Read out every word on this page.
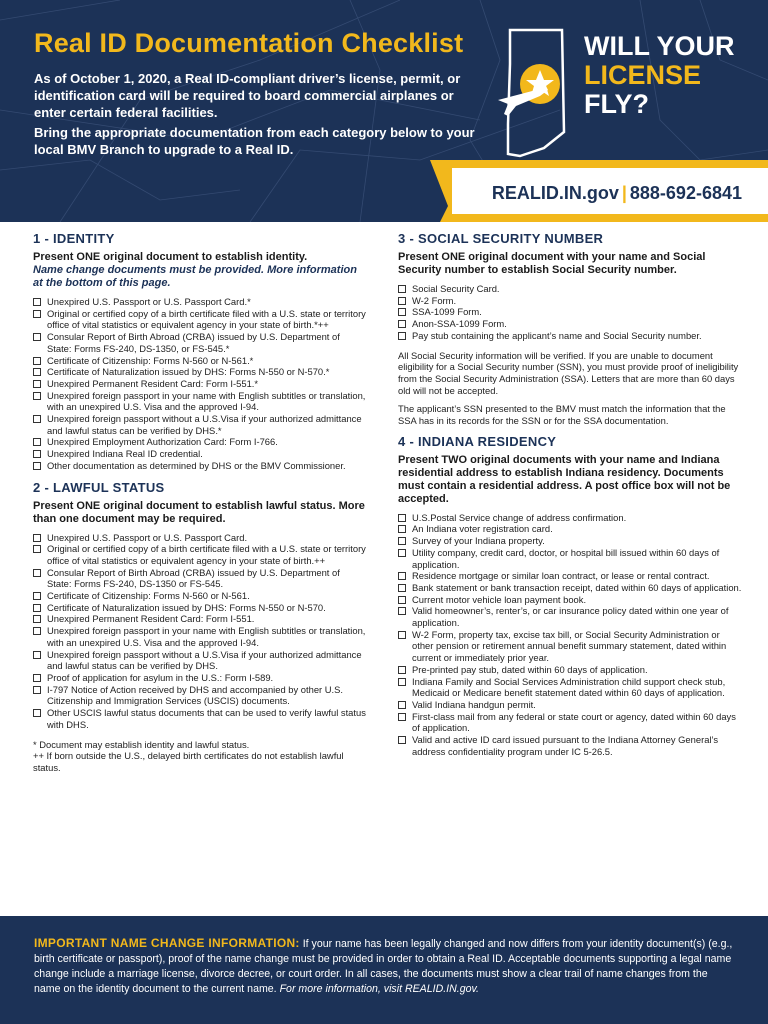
Real ID Documentation Checklist
As of October 1, 2020, a Real ID-compliant driver’s license, permit, or identification card will be required to board commercial airplanes or enter certain federal facilities.
Bring the appropriate documentation from each category below to your local BMV Branch to upgrade to a Real ID.
WILL YOUR
LICENSE
FLY?
REALID.IN.gov | 888-692-6841
1 - IDENTITY
Present ONE original document to establish identity.
Name change documents must be provided. More information at the bottom of this page.
Unexpired U.S. Passport or U.S. Passport Card.*
Original or certified copy of a birth certificate filed with a U.S. state or territory office of vital statistics or equivalent agency in your state of birth.*++
Consular Report of Birth Abroad (CRBA) issued by U.S. Department of State: Forms FS-240, DS-1350, or FS-545.*
Certificate of Citizenship: Forms N-560 or N-561.*
Certificate of Naturalization issued by DHS: Forms N-550 or N-570.*
Unexpired Permanent Resident Card: Form I-551.*
Unexpired foreign passport in your name with English subtitles or translation, with an unexpired U.S. Visa and the approved I-94.
Unexpired foreign passport without a U.S.Visa if your authorized admittance and lawful status can be verified by DHS.*
Unexpired Employment Authorization Card: Form I-766.
Unexpired Indiana Real ID credential.
Other documentation as determined by DHS or the BMV Commissioner.
2 - LAWFUL STATUS
Present ONE original document to establish lawful status. More than one document may be required.
Unexpired U.S. Passport or U.S. Passport Card.
Original or certified copy of a birth certificate filed with a U.S. state or territory office of vital statistics or equivalent agency in your state of birth.++
Consular Report of Birth Abroad (CRBA) issued by U.S. Department of State: Forms FS-240, DS-1350 or FS-545.
Certificate of Citizenship: Forms N-560 or N-561.
Certificate of Naturalization issued by DHS: Forms N-550 or N-570.
Unexpired Permanent Resident Card: Form I-551.
Unexpired foreign passport in your name with English subtitles or translation, with an unexpired U.S. Visa and the approved I-94.
Unexpired foreign passport without a U.S.Visa if your authorized admittance and lawful status can be verified by DHS.
Proof of application for asylum in the U.S.: Form I-589.
I-797 Notice of Action received by DHS and accompanied by other U.S. Citizenship and Immigration Services (USCIS) documents.
Other USCIS lawful status documents that can be used to verify lawful status with DHS.
* Document may establish identity and lawful status.
++ If born outside the U.S., delayed birth certificates do not establish lawful status.
3 - SOCIAL SECURITY NUMBER
Present ONE original document with your name and Social Security number to establish Social Security number.
Social Security Card.
W-2 Form.
SSA-1099 Form.
Anon-SSA-1099 Form.
Pay stub containing the applicant’s name and Social Security number.
All Social Security information will be verified. If you are unable to document eligibility for a Social Security number (SSN), you must provide proof of ineligibility from the Social Security Administration (SSA). Letters that are more than 60 days old will not be accepted.
The applicant’s SSN presented to the BMV must match the information that the SSA has in its records for the SSN or for the SSA documentation.
4 - INDIANA RESIDENCY
Present TWO original documents with your name and Indiana residential address to establish Indiana residency. Documents must contain a residential address. A post office box will not be accepted.
U.S.Postal Service change of address confirmation.
An Indiana voter registration card.
Survey of your Indiana property.
Utility company, credit card, doctor, or hospital bill issued within 60 days of application.
Residence mortgage or similar loan contract, or lease or rental contract.
Bank statement or bank transaction receipt, dated within 60 days of application.
Current motor vehicle loan payment book.
Valid homeowner’s, renter’s, or car insurance policy dated within one year of application.
W-2 Form, property tax, excise tax bill, or Social Security Administration or other pension or retirement annual benefit summary statement, dated within current or immediately prior year.
Pre-printed pay stub, dated within 60 days of application.
Indiana Family and Social Services Administration child support check stub, Medicaid or Medicare benefit statement dated within 60 days of application.
Valid Indiana handgun permit.
First-class mail from any federal or state court or agency, dated within 60 days of application.
Valid and active ID card issued pursuant to the Indiana Attorney General’s address confidentiality program under IC 5-26.5.

IMPORTANT NAME CHANGE INFORMATION: If your name has been legally changed and now differs from your identity document(s) (e.g., birth certificate or passport), proof of the name change must be provided in order to obtain a Real ID. Acceptable documents supporting a legal name change include a marriage license, divorce decree, or court order. In all cases, the documents must show a clear trail of name changes from the name on the identity document to the current name. For more information, visit REALID.IN.gov.
